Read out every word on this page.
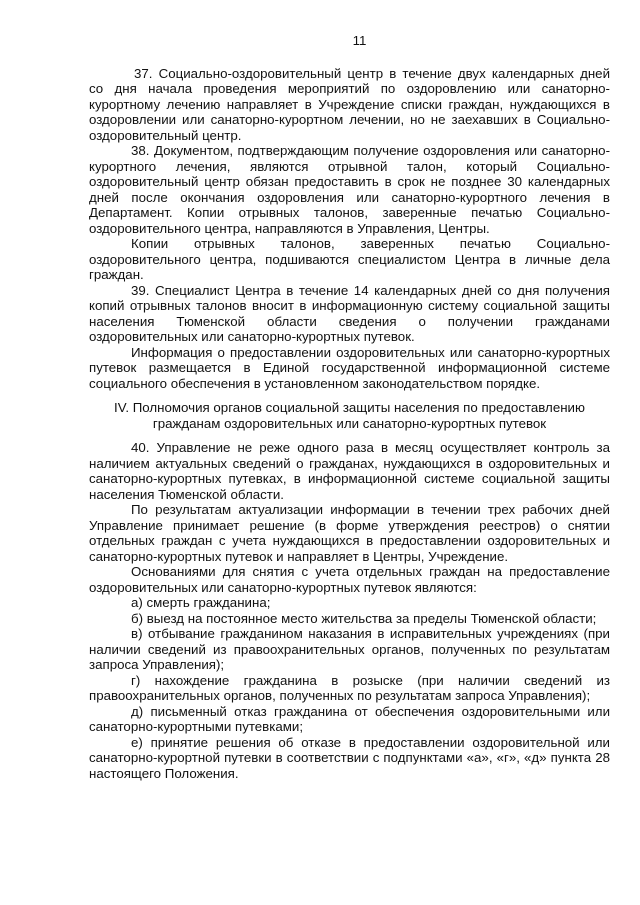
11

37. Социально-оздоровительный центр в течение двух календарных дней со дня начала проведения мероприятий по оздоровлению или санаторно-курортному лечению направляет в Учреждение списки граждан, нуждающихся в оздоровлении или санаторно-курортном лечении, но не заехавших в Социально-оздоровительный центр.

38. Документом, подтверждающим получение оздоровления или санаторно-курортного лечения, являются отрывной талон, который Социально-оздоровительный центр обязан предоставить в срок не позднее 30 календарных дней после окончания оздоровления или санаторно-курортного лечения в Департамент. Копии отрывных талонов, заверенные печатью Социально-оздоровительного центра, направляются в Управления, Центры.

Копии отрывных талонов, заверенных печатью Социально-оздоровительного центра, подшиваются специалистом Центра в личные дела граждан.

39. Специалист Центра в течение 14 календарных дней со дня получения копий отрывных талонов вносит в информационную систему социальной защиты населения Тюменской области сведения о получении гражданами оздоровительных или санаторно-курортных путевок.

Информация о предоставлении оздоровительных или санаторно-курортных путевок размещается в Единой государственной информационной системе социального обеспечения в установленном законодательством порядке.

IV. Полномочия органов социальной защиты населения по предоставлению
гражданам оздоровительных или санаторно-курортных путевок

40. Управление не реже одного раза в месяц осуществляет контроль за наличием актуальных сведений о гражданах, нуждающихся в оздоровительных и санаторно-курортных путевках, в информационной системе социальной защиты населения Тюменской области.

По результатам актуализации информации в течении трех рабочих дней Управление принимает решение (в форме утверждения реестров) о снятии отдельных граждан с учета нуждающихся в предоставлении оздоровительных и санаторно-курортных путевок и направляет в Центры, Учреждение.

Основаниями для снятия с учета отдельных граждан на предоставление оздоровительных или санаторно-курортных путевок являются:

а) смерть гражданина;

б) выезд на постоянное место жительства за пределы Тюменской области;

в) отбывание гражданином наказания в исправительных учреждениях (при наличии сведений из правоохранительных органов, полученных по результатам запроса Управления);

г) нахождение гражданина в розыске (при наличии сведений из правоохранительных органов, полученных по результатам запроса Управления);

д) письменный отказ гражданина от обеспечения оздоровительными или санаторно-курортными путевками;

е) принятие решения об отказе в предоставлении оздоровительной или санаторно-курортной путевки в соответствии с подпунктами «а», «г», «д» пункта 28 настоящего Положения.
